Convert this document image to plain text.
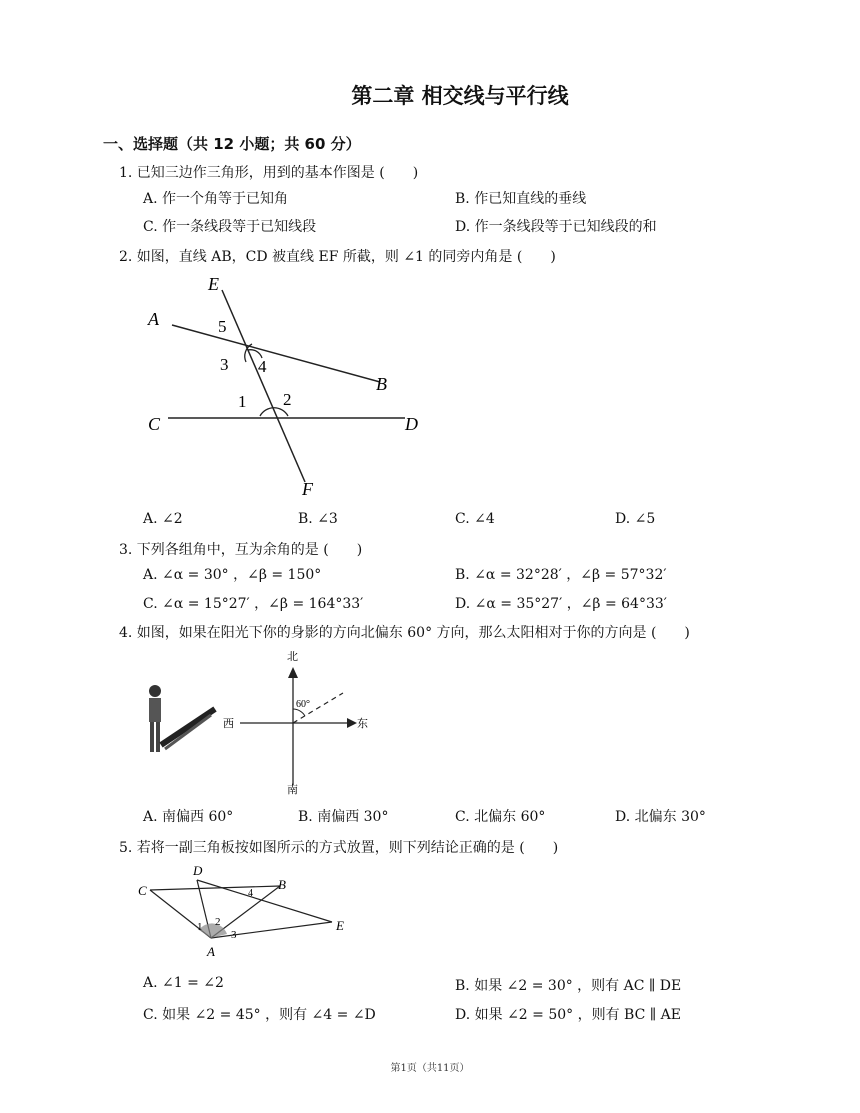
第二章 相交线与平行线
一、选择题（共 12 小题；共 60 分）
1. 已知三边作三角形，用到的基本作图是 (　　)
A. 作一个角等于已知角	B. 作已知直线的垂线
C. 作一条线段等于已知线段	D. 作一条线段等于已知线段的和
2. 如图，直线 AB，CD 被直线 EF 所截，则 ∠1 的同旁内角是 (　　)
E
A	5
3 4
B
1 2
C	D
F
A. ∠2	B. ∠3	C. ∠4	D. ∠5
3. 下列各组角中，互为余角的是 (　　)
A. ∠α = 30° ，∠β = 150°	B. ∠α = 32°28′ ，∠β = 57°32′
C. ∠α = 15°27′ ，∠β = 164°33′	D. ∠α = 35°27′ ，∠β = 64°33′
4. 如图，如果在阳光下你的身影的方向北偏东 60° 方向，那么太阳相对于你的方向是 (　　)
北
西	东
南
60°
A. 南偏西 60°	B. 南偏西 30°	C. 北偏东 60°	D. 北偏东 30°
5. 若将一副三角板按如图所示的方式放置，则下列结论正确的是 (　　)
D
C	4
B
E
1 2
3
A
A. ∠1 = ∠2	B. 如果 ∠2 = 30° ，则有 AC ∥ DE
C. 如果 ∠2 = 45° ，则有 ∠4 = ∠D	D. 如果 ∠2 = 50° ，则有 BC ∥ AE
第1页（共11页）
